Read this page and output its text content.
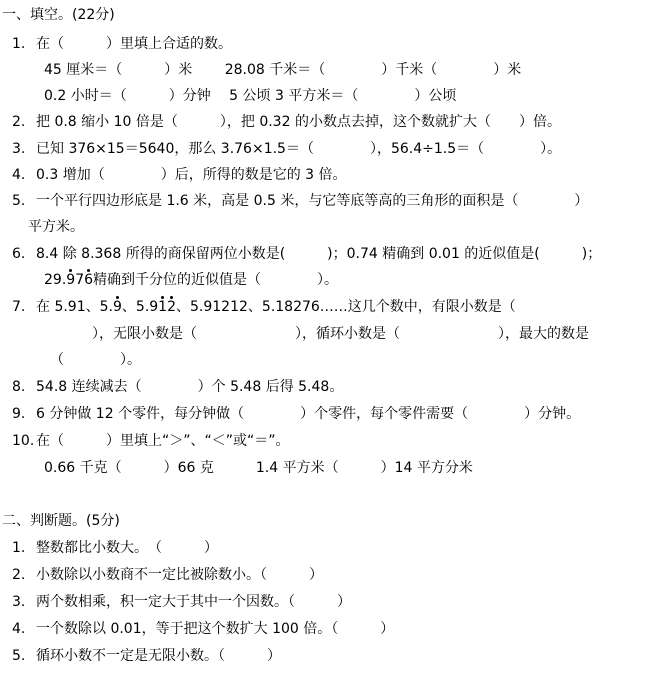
一、填空。(22分)
1. 在（　　　）里填上合适的数。
45 厘米＝（　　　）米　　 28.08 千米＝（　　　　）千米（　　　　）米
0.2 小时＝（　　　）分钟　 5 公顷 3 平方米＝（　　　　）公顷
2. 把 0.8 缩小 10 倍是（　　　），把 0.32 的小数点去掉，这个数就扩大（　　）倍。
3. 已知 376×15＝5640，那么 3.76×1.5＝（　　　　），56.4÷1.5＝（　　　　）。
4. 0.3 增加（　　　　）后，所得的数是它的 3 倍。
5. 一个平行四边形底是 1.6 米，高是 0.5 米，与它等底等高的三角形的面积是（　　　　）
平方米。
6. 8.4 除 8.368 所得的商保留两位小数是(　　　)；0.74 精确到 0.01 的近似值是(　　　)；
29.976精确到千分位的近似值是（　　　　）。
7. 在 5.91、5.9、5.912、5.91212、5.18276……这几个数中，有限小数是（
），无限小数是（　　　　　　　），循环小数是（　　　　　　　），最大的数是
（　　　　）。
8. 54.8 连续减去（　　　　）个 5.48 后得 5.48。
9. 6 分钟做 12 个零件，每分钟做（　　　　）个零件，每个零件需要（　　　　）分钟。
10. 在（　　　）里填上“＞”、“＜”或“＝”。
0.66 千克（　　　）66 克　　　1.4 平方米（　　　）14 平方分米
二、判断题。(5分)
1. 整数都比小数大。　（　　　）
2. 小数除以小数商不一定比被除数小。（　　　）
3. 两个数相乘，积一定大于其中一个因数。（　　　）
4. 一个数除以 0.01，等于把这个数扩大 100 倍。（　　　）
5. 循环小数不一定是无限小数。（　　　）
